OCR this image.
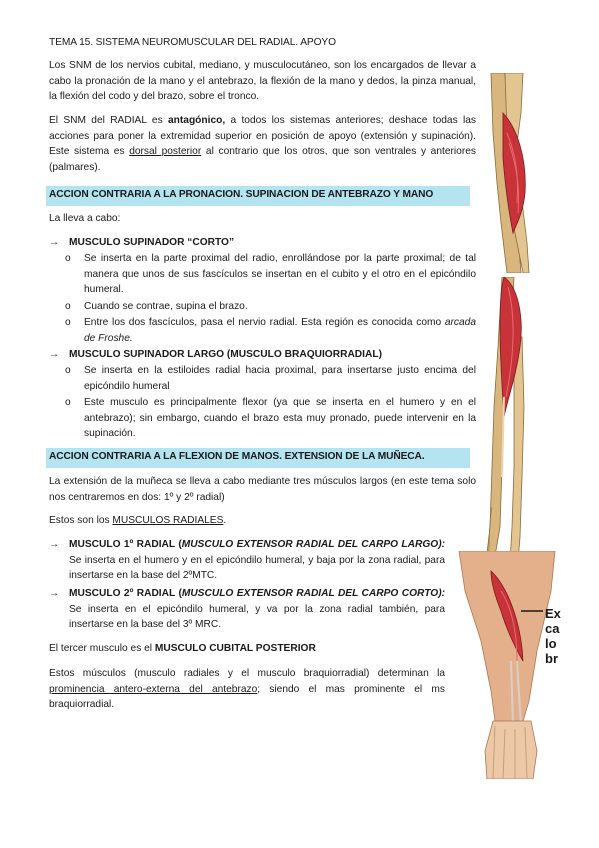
TEMA 15. SISTEMA NEUROMUSCULAR DEL RADIAL. APOYO
Los SNM de los nervios cubital, mediano, y musculocutáneo, son los encargados de llevar a cabo la pronación de la mano y el antebrazo, la flexión de la mano y dedos, la pinza manual, la flexión del codo y del brazo, sobre el tronco.
El SNM del RADIAL es antagónico, a todos los sistemas anteriores; deshace todas las acciones para poner la extremidad superior en posición de apoyo (extensión y supinación). Este sistema es dorsal posterior al contrario que los otros, que son ventrales y anteriores (palmares).
ACCION CONTRARIA A LA PRONACION. SUPINACION DE ANTEBRAZO Y MANO
La lleva a cabo:
→ MUSCULO SUPINADOR “CORTO”
o Se inserta en la parte proximal del radio, enrollándose por la parte proximal; de tal manera que unos de sus fascículos se insertan en el cubito y el otro en el epicóndilo humeral.
o Cuando se contrae, supina el brazo.
o Entre los dos fascículos, pasa el nervio radial. Esta región es conocida como arcada de Froshe.
→ MUSCULO SUPINADOR LARGO (MUSCULO BRAQUIORRADIAL)
o Se inserta en la estiloides radial hacia proximal, para insertarse justo encima del epicóndilo humeral
o Este musculo es principalmente flexor (ya que se inserta en el humero y en el antebrazo); sin embargo, cuando el brazo esta muy pronado, puede intervenir en la supinación.
ACCION CONTRARIA A LA FLEXION DE MANOS. EXTENSION DE LA MUÑECA.
La extensión de la muñeca se lleva a cabo mediante tres músculos largos (en este tema solo nos centraremos en dos: 1º y 2º radial)
Estos son los MUSCULOS RADIALES.
→ MUSCULO 1º RADIAL (MUSCULO EXTENSOR RADIAL DEL CARPO LARGO): Se inserta en el humero y en el epicóndilo humeral, y baja por la zona radial, para insertarse en la base del 2ºMTC.
→ MUSCULO 2º RADIAL (MUSCULO EXTENSOR RADIAL DEL CARPO CORTO): Se inserta en el epicóndilo humeral, y va por la zona radial también, para insertarse en la base del 3º MRC.
El tercer musculo es el MUSCULO CUBITAL POSTERIOR
Estos músculos (musculo radiales y el musculo braquiorradial) determinan la prominencia antero-externa del antebrazo; siendo el mas prominente el ms braquiorradial.
Ex
ca
lo
br
